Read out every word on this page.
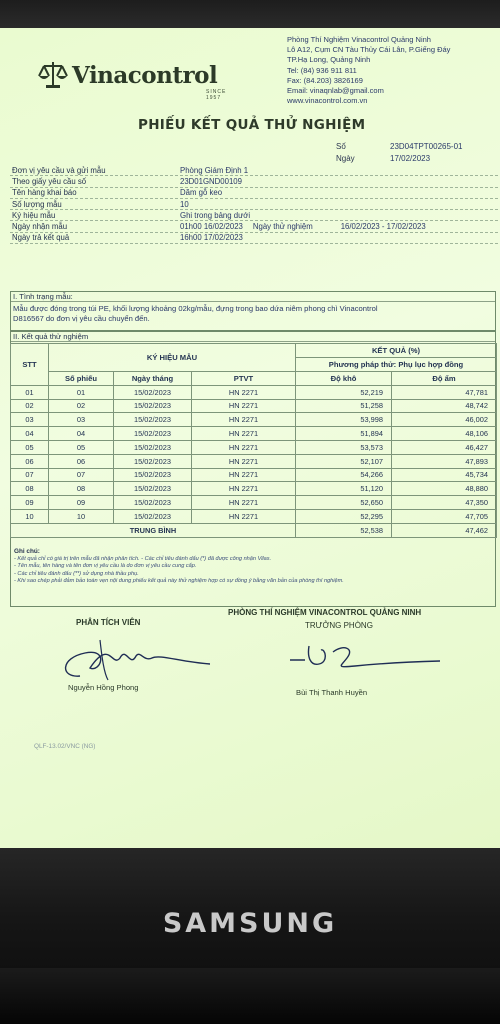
Vinacontrol
SINCE 1957
Phòng Thí Nghiệm Vinacontrol Quảng Ninh
Lô A12, Cụm CN Tàu Thủy Cái Lân, P.Giếng Đáy
TP.Hạ Long, Quảng Ninh
Tel: (84) 936 911 811
Fax: (84.203) 3826169
Email: vinaqnlab@gmail.com
www.vinacontrol.com.vn
PHIẾU KẾT QUẢ THỬ NGHIỆM
Số	23D04TPT00265-01
Ngày	17/02/2023
Đơn vị yêu cầu và gửi mẫu	Phòng Giám Định 1
Theo giấy yêu cầu số	23D01GND00109
Tên hàng khai báo	Dăm gỗ keo
Số lượng mẫu	10
Ký hiệu mẫu	Ghi trong bảng dưới
Ngày nhận mẫu	01h00 16/02/2023 Ngày thử nghiệm	16/02/2023 - 17/02/2023
Ngày trả kết quả	16h00 17/02/2023
I. Tình trạng mẫu:
Mẫu được đóng trong túi PE, khối lượng khoảng 02kg/mẫu, đựng trong bao dứa niêm phong chì Vinacontrol
D816567 do đơn vị yêu cầu chuyển đến.
II. Kết quả thử nghiệm
STT	KÝ HIỆU MẪU			KẾT QUẢ (%)	
				Phương pháp thử: Phụ lục hợp đồng	
	Số phiếu	Ngày tháng	PTVT	Độ khô	Độ ẩm
01	01	15/02/2023	HN 2271	52,219	47,781
02	02	15/02/2023	HN 2271	51,258	48,742
03	03	15/02/2023	HN 2271	53,998	46,002
04	04	15/02/2023	HN 2271	51,894	48,106
05	05	15/02/2023	HN 2271	53,573	46,427
06	06	15/02/2023	HN 2271	52,107	47,893
07	07	15/02/2023	HN 2271	54,266	45,734
08	08	15/02/2023	HN 2271	51,120	48,880
09	09	15/02/2023	HN 2271	52,650	47,350
10	10	15/02/2023	HN 2271	52,295	47,705
TRUNG BÌNH				52,538	47,462
Ghi chú:
- Kết quả chỉ có giá trị trên mẫu đã nhận phân tích. - Các chỉ tiêu đánh dấu (*) đã được công nhận Vilas.
- Tên mẫu, tên hàng và tên đơn vị yêu cầu là do đơn vị yêu cầu cung cấp.
- Các chỉ tiêu đánh dấu (**) sử dụng nhà thầu phụ.
- Khi sao chép phải đảm bảo toàn vẹn nội dung phiếu kết quả này thử nghiệm hợp có sự đồng ý bằng văn bản của phòng thí nghiệm.
PHÂN TÍCH VIÊN
PHÒNG THÍ NGHIỆM VINACONTROL QUẢNG NINH
TRƯỞNG PHÒNG
Nguyễn Hồng Phong
Bùi Thị Thanh Huyền
QLF-13.02/VNC (NG)
SAMSUNG
